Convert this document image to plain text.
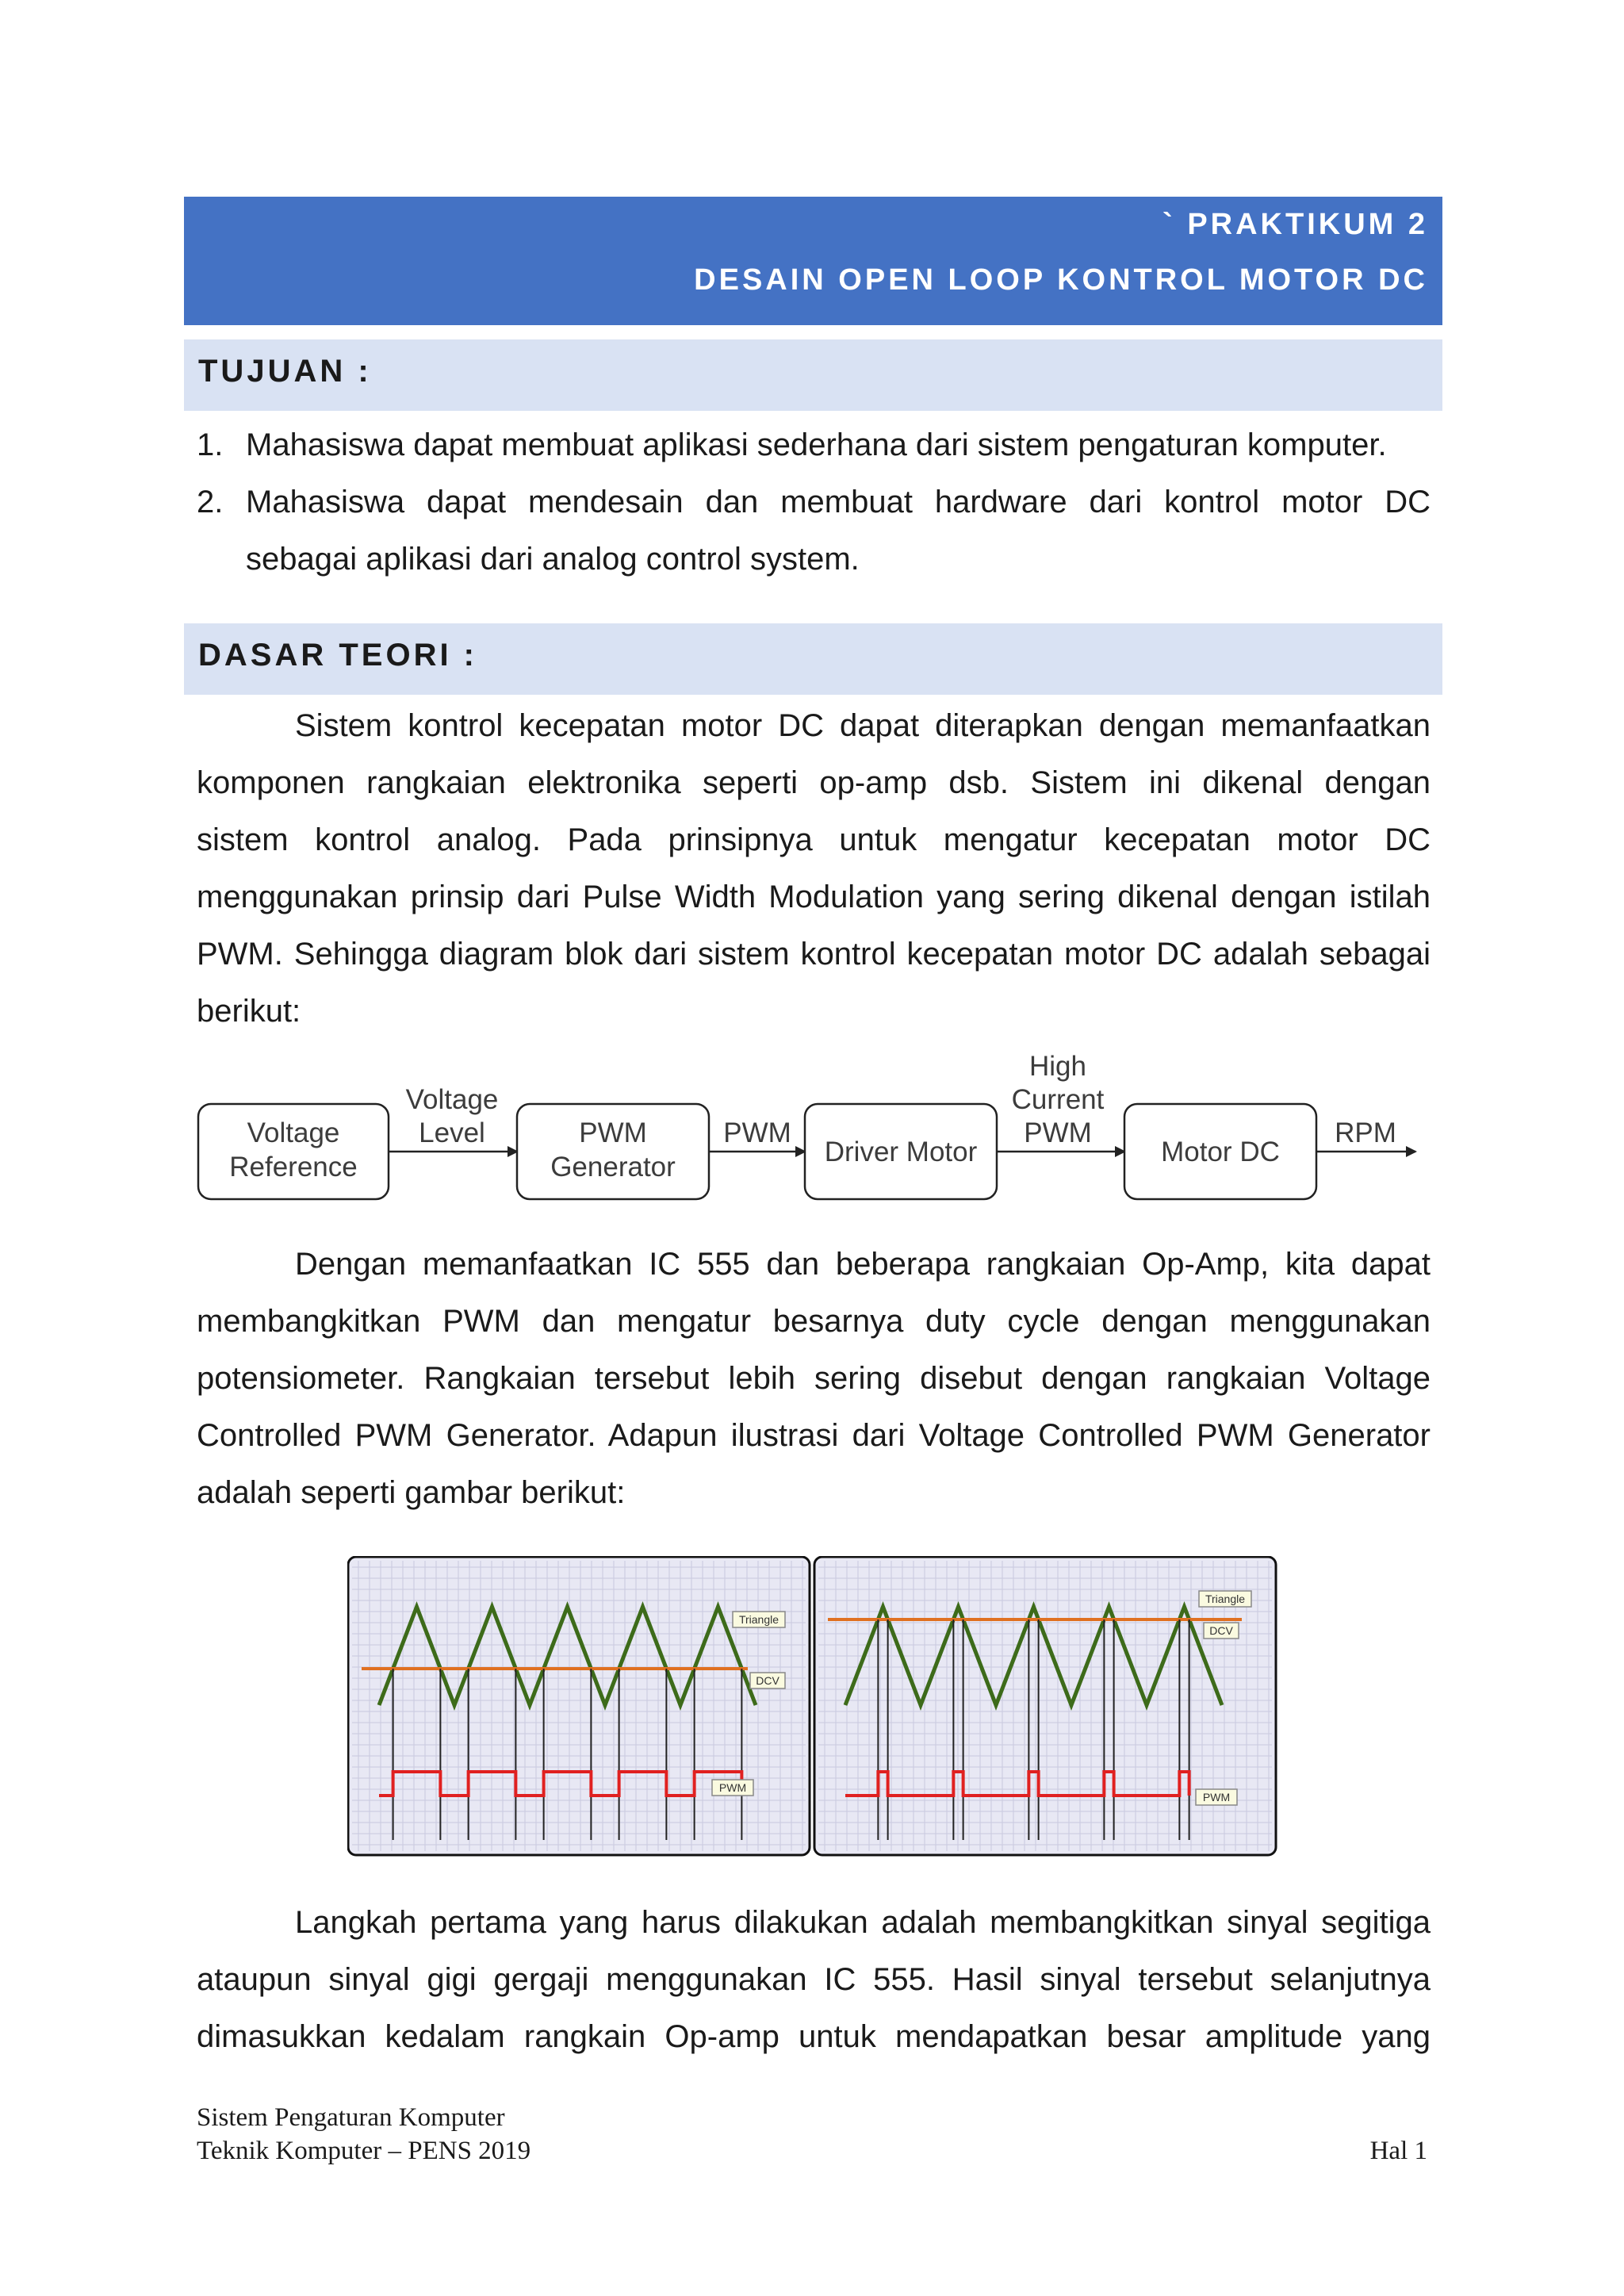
` PRAKTIKUM 2
DESAIN OPEN LOOP KONTROL MOTOR DC
TUJUAN :
1. Mahasiswa dapat membuat aplikasi sederhana dari sistem pengaturan komputer.
2. Mahasiswa dapat mendesain dan membuat hardware dari kontrol motor DC
sebagai aplikasi dari analog control system.
DASAR TEORI :
Sistem kontrol kecepatan motor DC dapat diterapkan dengan memanfaatkan
komponen rangkaian elektronika seperti op-amp dsb. Sistem ini dikenal dengan
sistem kontrol analog. Pada prinsipnya untuk mengatur kecepatan motor DC
menggunakan prinsip dari Pulse Width Modulation yang sering dikenal dengan istilah
PWM. Sehingga diagram blok dari sistem kontrol kecepatan motor DC adalah sebagai
berikut:
Voltage
Reference
Voltage
Level	PWM
Generator
PWM
Driver Motor
High
Current
PWM
Motor DC
RPM
Dengan memanfaatkan IC 555 dan beberapa rangkaian Op-Amp, kita dapat
membangkitkan PWM dan mengatur besarnya duty cycle dengan menggunakan
potensiometer. Rangkaian tersebut lebih sering disebut dengan rangkaian Voltage
Controlled PWM Generator. Adapun ilustrasi dari Voltage Controlled PWM Generator
adalah seperti gambar berikut:
Triangle
DCV
PWM
Triangle
DCV
PWM
Langkah pertama yang harus dilakukan adalah membangkitkan sinyal segitiga
ataupun sinyal gigi gergaji menggunakan IC 555. Hasil sinyal tersebut selanjutnya
dimasukkan kedalam rangkain Op-amp untuk mendapatkan besar amplitude yang
Sistem Pengaturan Komputer
Teknik Komputer – PENS 2019	Hal 1
